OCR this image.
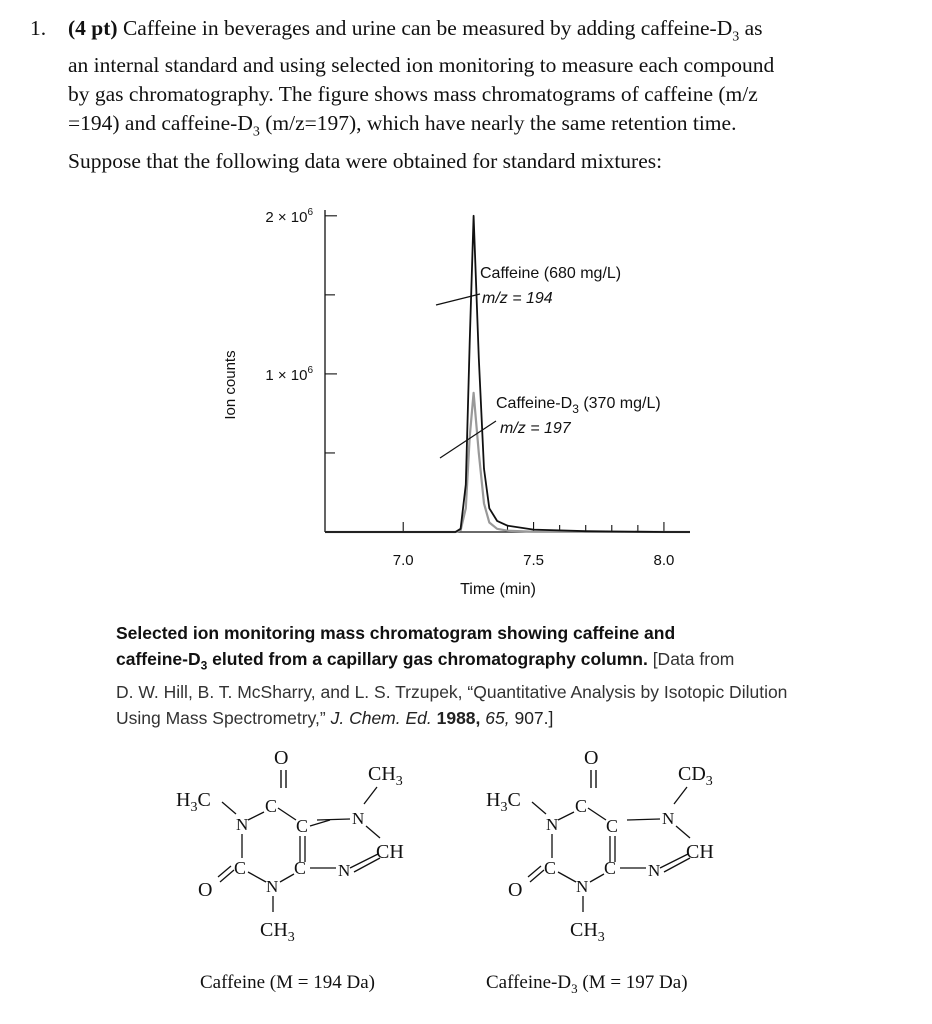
1. (4 pt) Caffeine in beverages and urine can be measured by adding caffeine-$D_3$ as
an internal standard and using selected ion monitoring to measure each compound
by gas chromatography. The figure shows mass chromatograms of caffeine (m/z
=194) and caffeine-$D_3$ (m/z=197), which have nearly the same retention time.
Suppose that the following data were obtained for standard mixtures:
Ion counts
Time (min)
$1 \times 10^6$
$2 \times 10^6$
7.0	7.5	8.0
Caffeine (680 mg/L)
m/z = 194
Caffeine-$D_3$ (370 mg/L)
m/z = 197
Selected ion monitoring mass chromatogram showing caffeine and
caffeine-$D_3$ eluted from a capillary gas chromatography column. [Data from
D. W. Hill, B. T. McSharry, and L. S. Trzupek, “Quantitative Analysis by Isotopic Dilution
Using Mass Spectrometry,” J. Chem. Ed. 1988, 65, 907.]
O
$H_3C$
$CH_3$
N
C
C	N
CH
C
O	N
C N
$CH_3$
Caffeine (M = 194 Da)
O
$H_3C$
$CD_3$
N
C
C	N
CH
C
O	N
C N
$CH_3$
Caffeine-$D_3$ (M = 197 Da)
